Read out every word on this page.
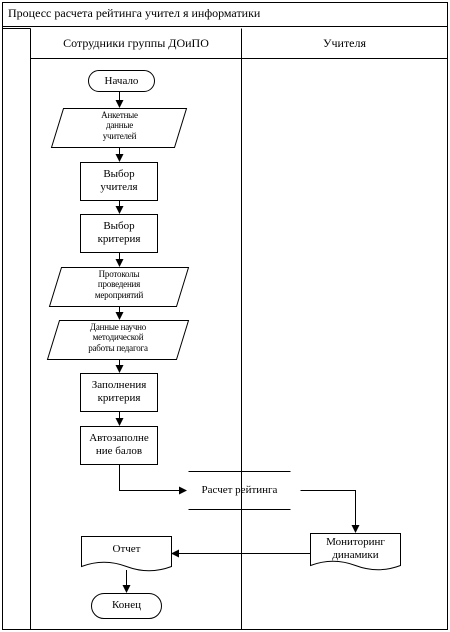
Процесс расчета рейтинга учител я информатики
Сотрудники группы ДОиПО	Учителя
Начало
Анкетные
данные
учителей
Выбор
учителя
Выбор
критерия
Протоколы
проведения
мероприятий
Данные научно
методической
работы педагога
Заполнения
критерия
Автозаполне
ние балов
Расчет рейтинга
Мониторинг
динамики
Отчет
Конец
